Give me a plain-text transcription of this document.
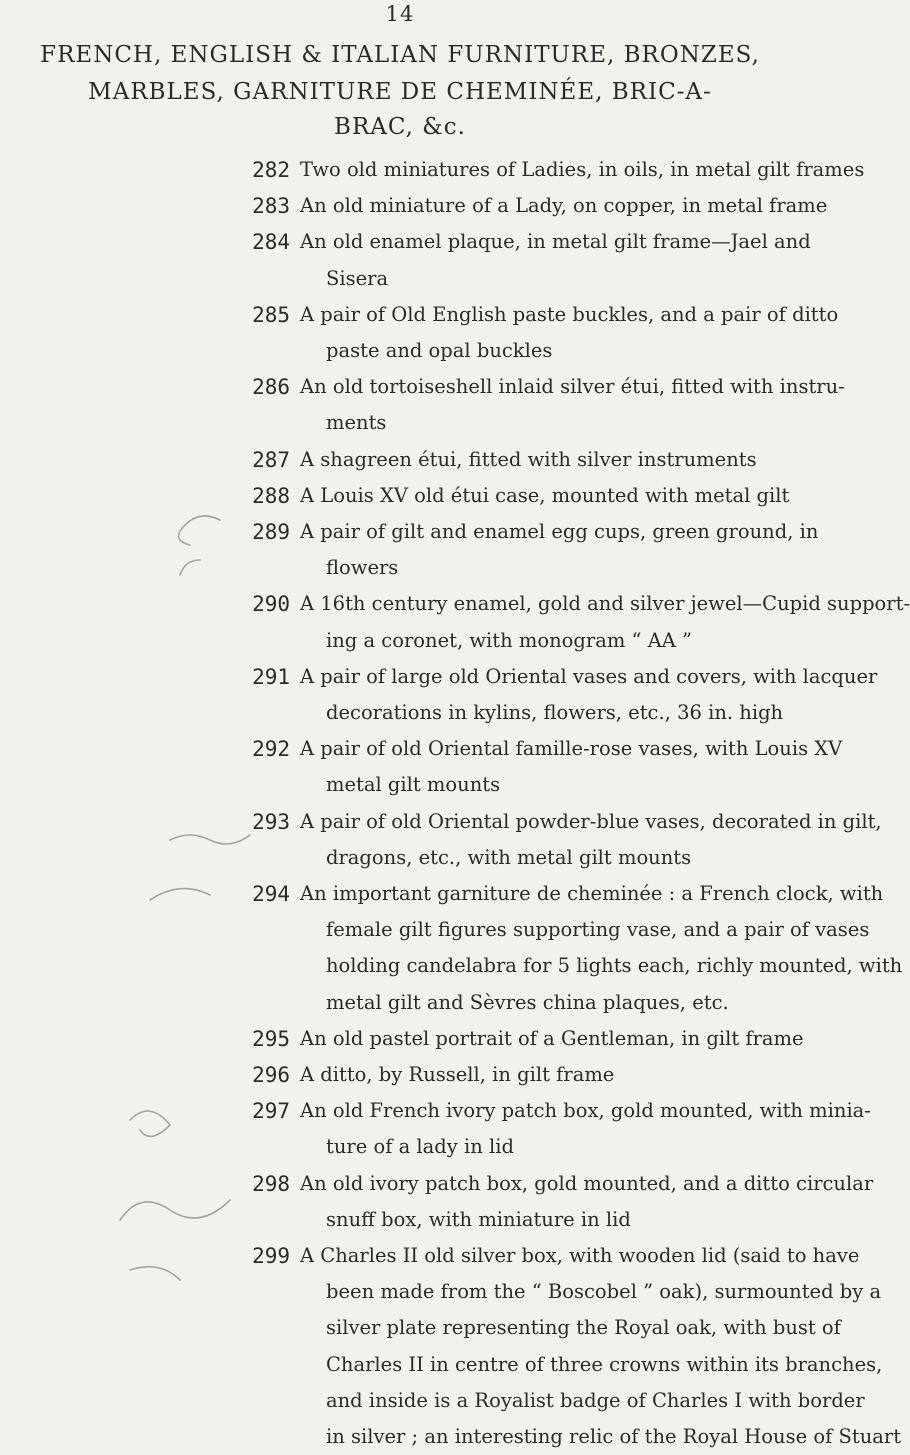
14
FRENCH, ENGLISH & ITALIAN FURNITURE, BRONZES,
MARBLES, GARNITURE DE CHEMINÉE, BRIC-A-
BRAC, &c.
282 Two old miniatures of Ladies, in oils, in metal gilt frames
283 An old miniature of a Lady, on copper, in metal frame
284 An old enamel plaque, in metal gilt frame—Jael and
Sisera
285 A pair of Old English paste buckles, and a pair of ditto
paste and opal buckles
286 An old tortoiseshell inlaid silver étui, fitted with instru-
ments
287 A shagreen étui, fitted with silver instruments
288 A Louis XV old étui case, mounted with metal gilt
289 A pair of gilt and enamel egg cups, green ground, in
flowers
290 A 16th century enamel, gold and silver jewel—Cupid support-
ing a coronet, with monogram “ AA ”
291 A pair of large old Oriental vases and covers, with lacquer
decorations in kylins, flowers, etc., 36 in. high
292 A pair of old Oriental famille-rose vases, with Louis XV
metal gilt mounts
293 A pair of old Oriental powder-blue vases, decorated in gilt,
dragons, etc., with metal gilt mounts
294 An important garniture de cheminée : a French clock, with
female gilt figures supporting vase, and a pair of vases
holding candelabra for 5 lights each, richly mounted, with
metal gilt and Sèvres china plaques, etc.
295 An old pastel portrait of a Gentleman, in gilt frame
296 A ditto, by Russell, in gilt frame
297 An old French ivory patch box, gold mounted, with minia-
ture of a lady in lid
298 An old ivory patch box, gold mounted, and a ditto circular
snuff box, with miniature in lid
299 A Charles II old silver box, with wooden lid (said to have
been made from the “ Boscobel ” oak), surmounted by a
silver plate representing the Royal oak, with bust of
Charles II in centre of three crowns within its branches,
and inside is a Royalist badge of Charles I with border
in silver ; an interesting relic of the Royal House of Stuart
